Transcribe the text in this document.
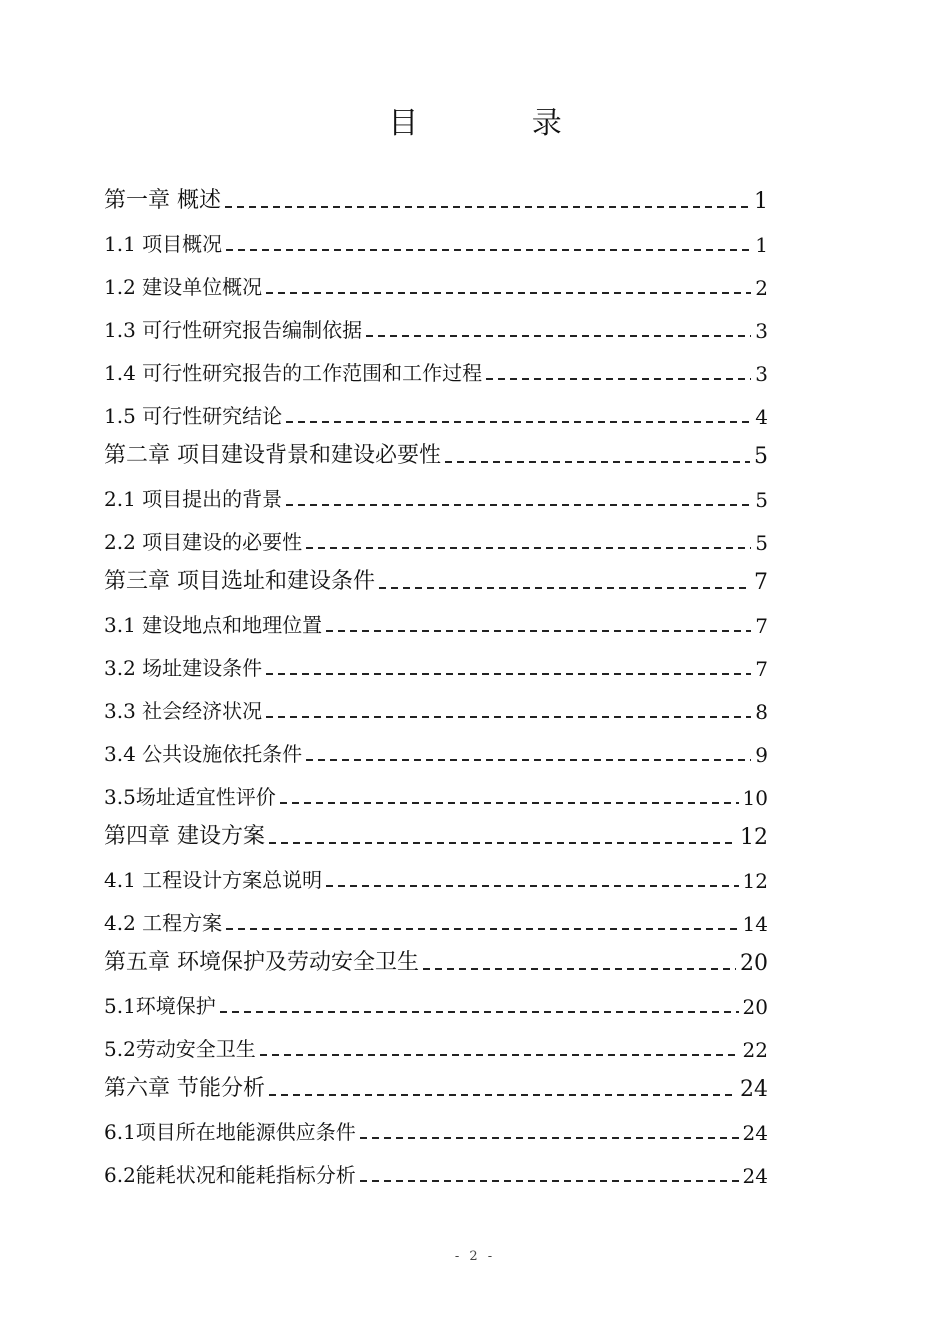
目 录
第一章 概述	1
1.1 项目概况	1
1.2 建设单位概况	2
1.3 可行性研究报告编制依据	3
1.4 可行性研究报告的工作范围和工作过程	3
1.5 可行性研究结论	4
第二章 项目建设背景和建设必要性	5
2.1 项目提出的背景	5
2.2 项目建设的必要性	5
第三章 项目选址和建设条件	7
3.1 建设地点和地理位置	7
3.2 场址建设条件	7
3.3 社会经济状况	8
3.4 公共设施依托条件	9
3.5场址适宜性评价	10
第四章 建设方案	12
4.1 工程设计方案总说明	12
4.2 工程方案	14
第五章 环境保护及劳动安全卫生	20
5.1环境保护	20
5.2劳动安全卫生	22
第六章 节能分析	24
6.1项目所在地能源供应条件	24
6.2能耗状况和能耗指标分析	24
- 2 -
